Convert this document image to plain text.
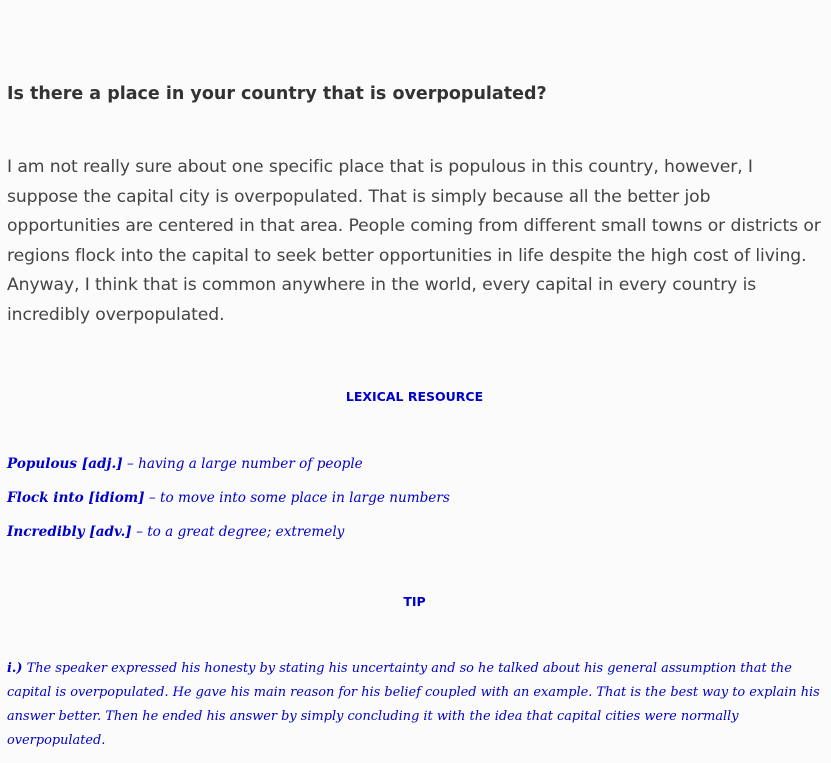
Is there a place in your country that is overpopulated?

I am not really sure about one specific place that is populous in this country, however, I suppose the capital city is overpopulated. That is simply because all the better job opportunities are centered in that area. People coming from different small towns or districts or regions flock into the capital to seek better opportunities in life despite the high cost of living. Anyway, I think that is common anywhere in the world, every capital in every country is incredibly overpopulated.

LEXICAL RESOURCE
Populous [adj.] – having a large number of people
Flock into [idiom] – to move into some place in large numbers
Incredibly [adv.] – to a great degree; extremely
TIP

i.) The speaker expressed his honesty by stating his uncertainty and so he talked about his general assumption that the capital is overpopulated. He gave his main reason for his belief coupled with an example. That is the best way to explain his answer better. Then he ended his answer by simply concluding it with the idea that capital cities were normally overpopulated.
